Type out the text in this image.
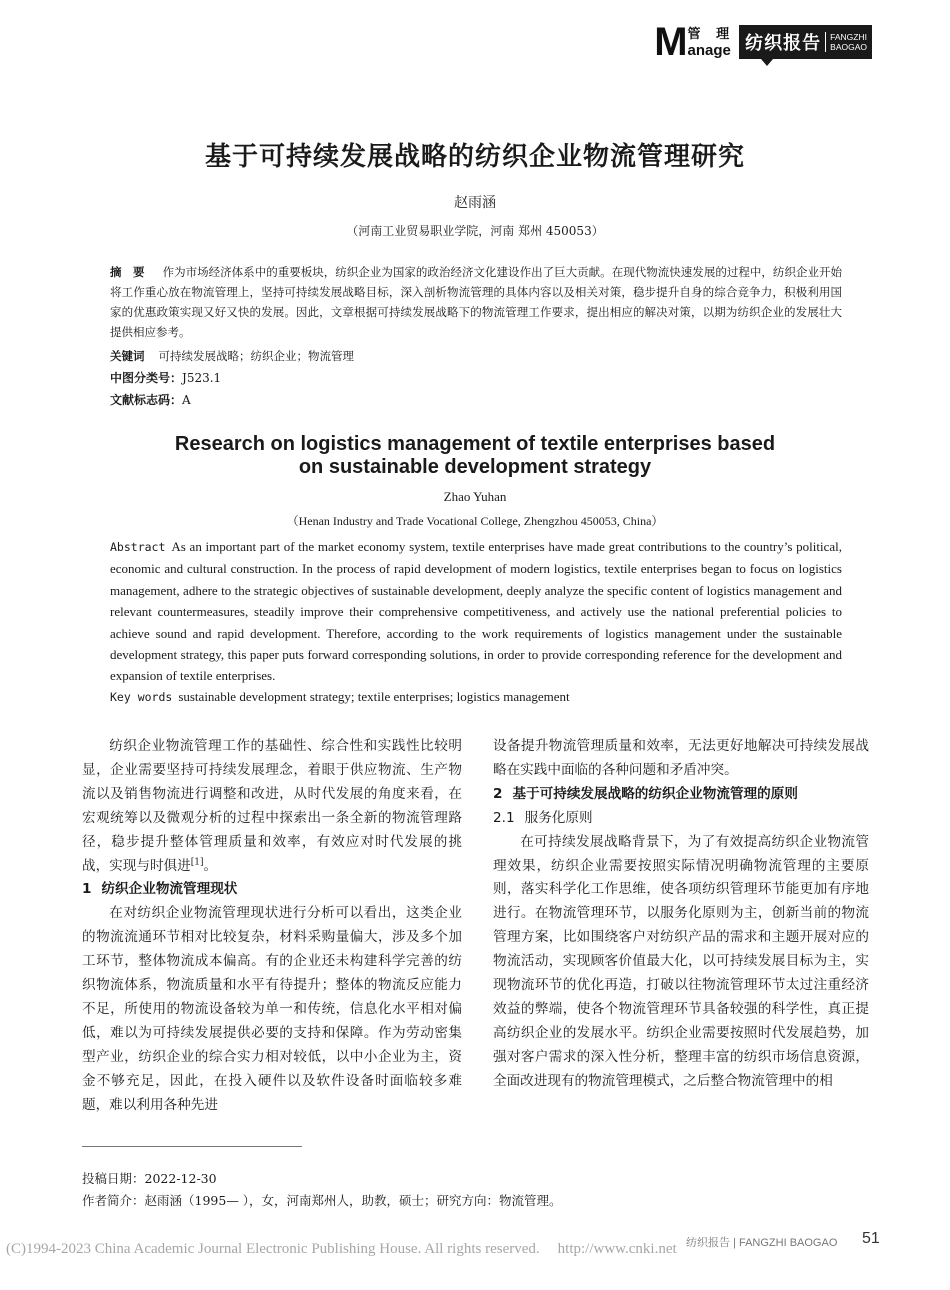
M 管 理
anage 纺织报告 FANGZHI
BAOGAO
基于可持续发展战略的纺织企业物流管理研究
赵雨涵
（河南工业贸易职业学院，河南 郑州 450053）
摘　要 作为市场经济体系中的重要板块，纺织企业为国家的政治经济文化建设作出了巨大贡献。在现代物流快速发展的过程中，纺织企业开始将工作重心放在物流管理上，坚持可持续发展战略目标，深入剖析物流管理的具体内容以及相关对策，稳步提升自身的综合竞争力，积极利用国家的优惠政策实现又好又快的发展。因此，文章根据可持续发展战略下的物流管理工作要求，提出相应的解决对策，以期为纺织企业的发展壮大提供相应参考。
关键词 可持续发展战略；纺织企业；物流管理
中图分类号：J523.1
文献标志码：A
Research on logistics management of textile enterprises based
on sustainable development strategy
Zhao Yuhan
（Henan Industry and Trade Vocational College, Zhengzhou 450053, China）
Abstract As an important part of the market economy system, textile enterprises have made great contributions to the country’s political, economic and cultural construction. In the process of rapid development of modern logistics, textile enterprises began to focus on logistics management, adhere to the strategic objectives of sustainable development, deeply analyze the specific content of logistics management and relevant countermeasures, steadily improve their comprehensive competitiveness, and actively use the national preferential policies to achieve sound and rapid development. Therefore, according to the work requirements of logistics management under the sustainable development strategy, this paper puts forward corresponding solutions, in order to provide corresponding reference for the development and expansion of textile enterprises.
Key words sustainable development strategy; textile enterprises; logistics management

纺织企业物流管理工作的基础性、综合性和实践性比较明显，企业需要坚持可持续发展理念，着眼于供应物流、生产物流以及销售物流进行调整和改进，从时代发展的角度来看，在宏观统筹以及微观分析的过程中探索出一条全新的物流管理路径，稳步提升整体管理质量和效率，有效应对时代发展的挑战，实现与时俱进[1]。

1 纺织企业物流管理现状

在对纺织企业物流管理现状进行分析可以看出，这类企业的物流流通环节相对比较复杂，材料采购量偏大，涉及多个加工环节，整体物流成本偏高。有的企业还未构建科学完善的纺织物流体系，物流质量和水平有待提升；整体的物流反应能力不足，所使用的物流设备较为单一和传统，信息化水平相对偏低，难以为可持续发展提供必要的支持和保障。作为劳动密集型产业，纺织企业的综合实力相对较低，以中小企业为主，资金不够充足，因此，在投入硬件以及软件设备时面临较多难题，难以利用各种先进

设备提升物流管理质量和效率，无法更好地解决可持续发展战略在实践中面临的各种问题和矛盾冲突。

2 基于可持续发展战略的纺织企业物流管理的原则
2.1 服务化原则

在可持续发展战略背景下，为了有效提高纺织企业物流管理效果，纺织企业需要按照实际情况明确物流管理的主要原则，落实科学化工作思维，使各项纺织管理环节能更加有序地进行。在物流管理环节，以服务化原则为主，创新当前的物流管理方案，比如围绕客户对纺织产品的需求和主题开展对应的物流活动，实现顾客价值最大化，以可持续发展目标为主，实现物流环节的优化再造，打破以往物流管理环节太过注重经济效益的弊端，使各个物流管理环节具备较强的科学性，真正提高纺织企业的发展水平。纺织企业需要按照时代发展趋势，加强对客户需求的深入性分析，整理丰富的纺织市场信息资源，全面改进现有的物流管理模式，之后整合物流管理中的相

投稿日期：2022-12-30
作者简介：赵雨涵（1995— ），女，河南郑州人，助教，硕士；研究方向：物流管理。
纺织报告 | FANGZHI BAOGAO 51
(C)1994-2023 China Academic Journal Electronic Publishing House. All rights reserved. http://www.cnki.net
